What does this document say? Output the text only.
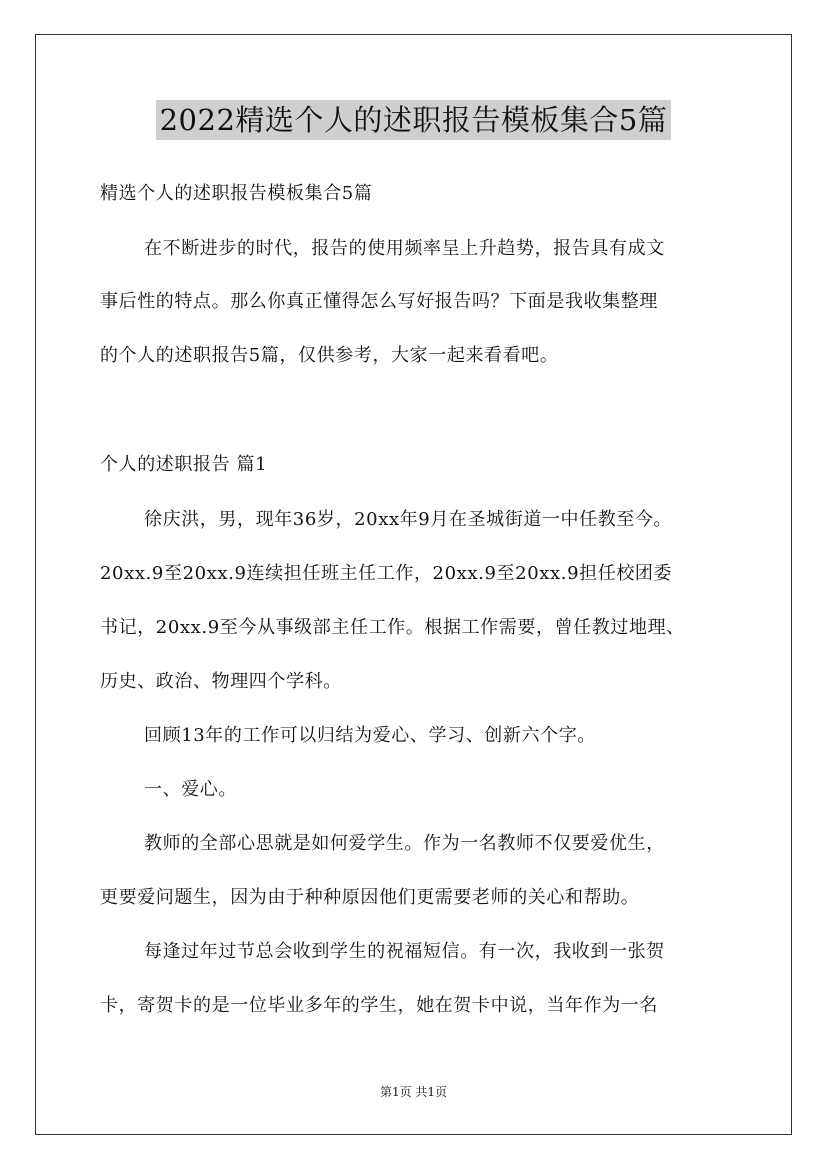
2022精选个人的述职报告模板集合5篇
精选个人的述职报告模板集合5篇
在不断进步的时代，报告的使用频率呈上升趋势，报告具有成文
事后性的特点。那么你真正懂得怎么写好报告吗？下面是我收集整理
的个人的述职报告5篇，仅供参考，大家一起来看看吧。
个人的述职报告 篇1
徐庆洪，男，现年36岁，20xx年9月在圣城街道一中任教至今。
20xx.9至20xx.9连续担任班主任工作，20xx.9至20xx.9担任校团委
书记，20xx.9至今从事级部主任工作。根据工作需要，曾任教过地理、
历史、政治、物理四个学科。
回顾13年的工作可以归结为爱心、学习、创新六个字。
一、爱心。
教师的全部心思就是如何爱学生。作为一名教师不仅要爱优生，
更要爱问题生，因为由于种种原因他们更需要老师的关心和帮助。
每逢过年过节总会收到学生的祝福短信。有一次，我收到一张贺
卡，寄贺卡的是一位毕业多年的学生，她在贺卡中说，当年作为一名
第1页 共1页
